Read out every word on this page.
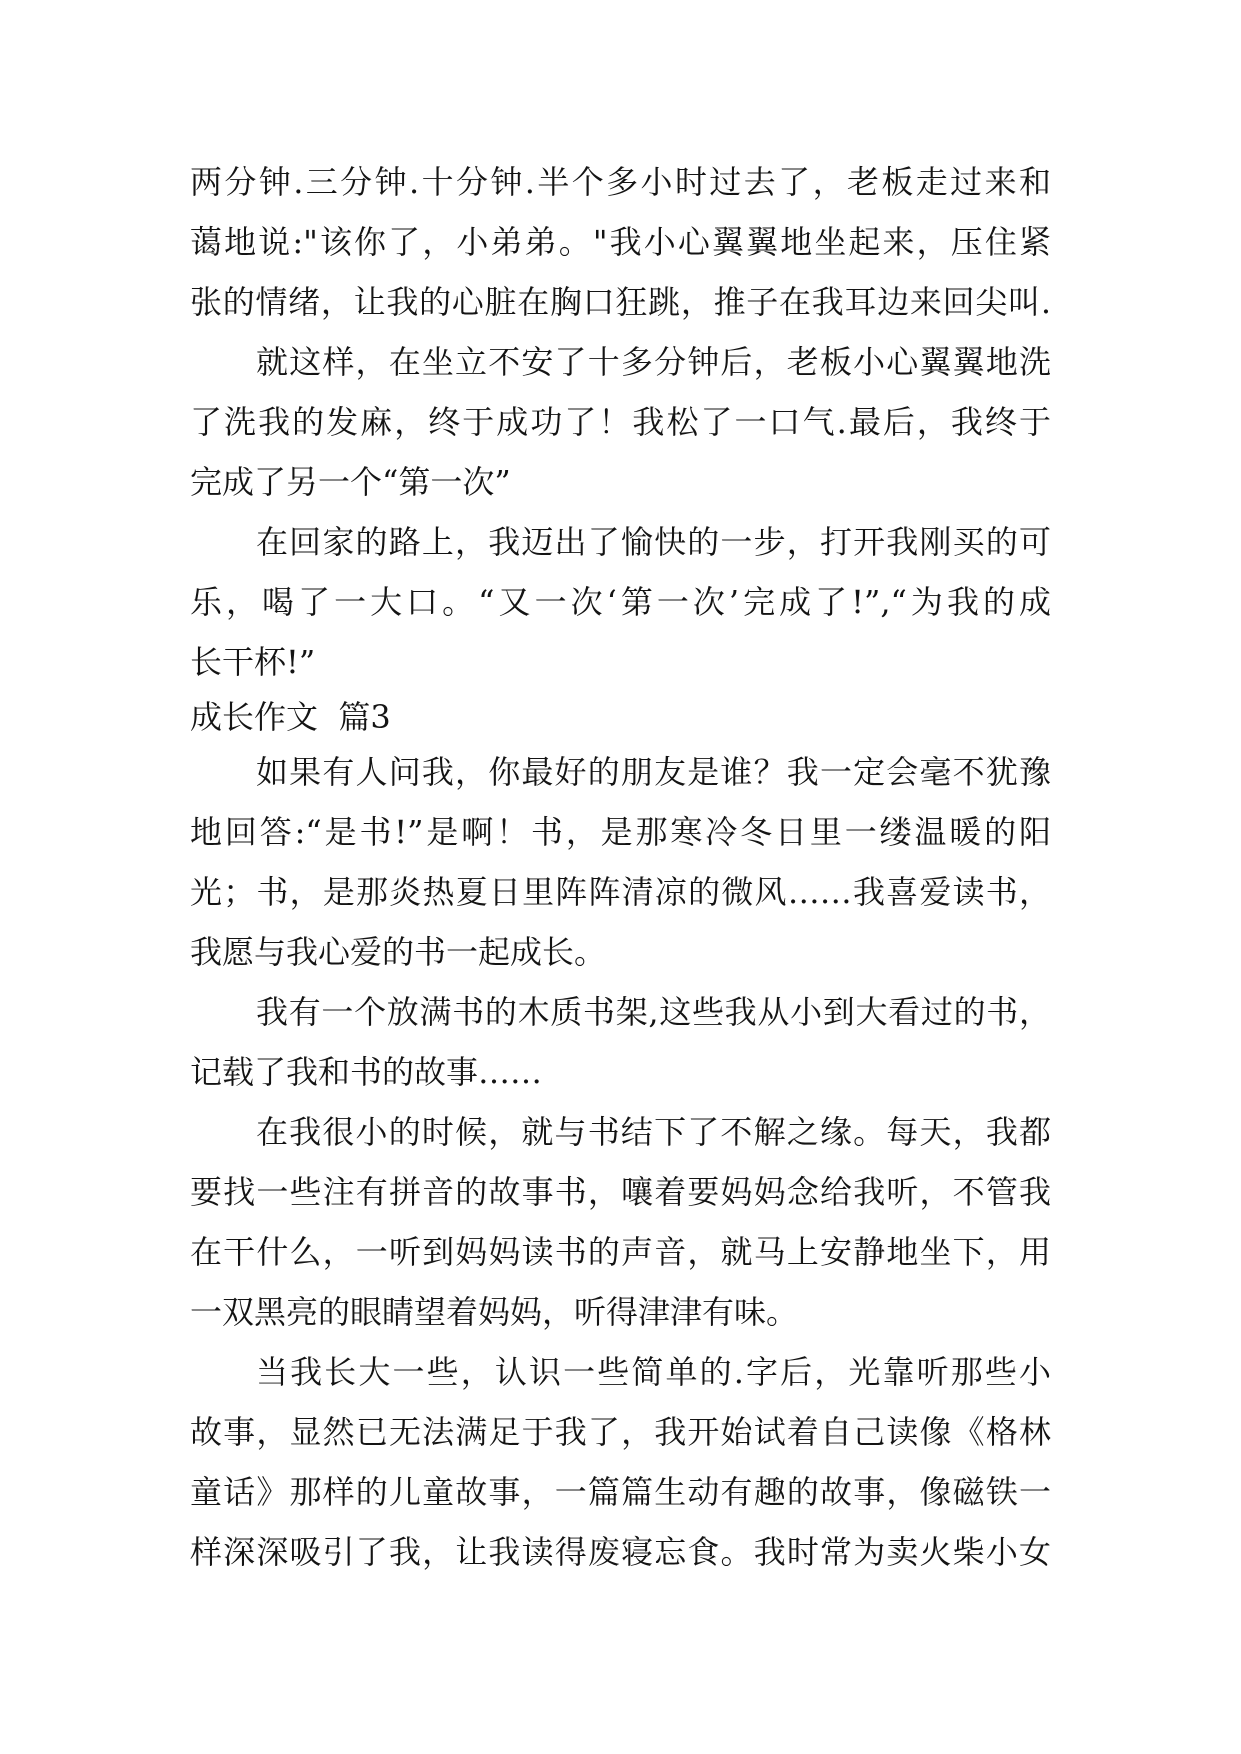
两分钟.三分钟.十分钟.半个多小时过去了，老板走过来和
蔼地说:"该你了，小弟弟。"我小心翼翼地坐起来，压住紧
张的情绪，让我的心脏在胸口狂跳，推子在我耳边来回尖叫.
就这样，在坐立不安了十多分钟后，老板小心翼翼地洗
了洗我的发麻，终于成功了！我松了一口气.最后，我终于
完成了另一个“第一次”
在回家的路上，我迈出了愉快的一步，打开我刚买的可
乐，喝了一大口。“又一次‘第一次’完成了!”,“为我的成
长干杯!”
成长作文  篇3
如果有人问我，你最好的朋友是谁？我一定会毫不犹豫
地回答:“是书!”是啊！书，是那寒冷冬日里一缕温暖的阳
光；书，是那炎热夏日里阵阵清凉的微风……我喜爱读书，
我愿与我心爱的书一起成长。
我有一个放满书的木质书架,这些我从小到大看过的书，
记载了我和书的故事……
在我很小的时候，就与书结下了不解之缘。每天，我都
要找一些注有拼音的故事书，嚷着要妈妈念给我听，不管我
在干什么，一听到妈妈读书的声音，就马上安静地坐下，用
一双黑亮的眼睛望着妈妈，听得津津有味。
当我长大一些，认识一些简单的.字后，光靠听那些小
故事，显然已无法满足于我了，我开始试着自己读像《格林
童话》那样的儿童故事，一篇篇生动有趣的故事，像磁铁一
样深深吸引了我，让我读得废寝忘食。我时常为卖火柴小女
